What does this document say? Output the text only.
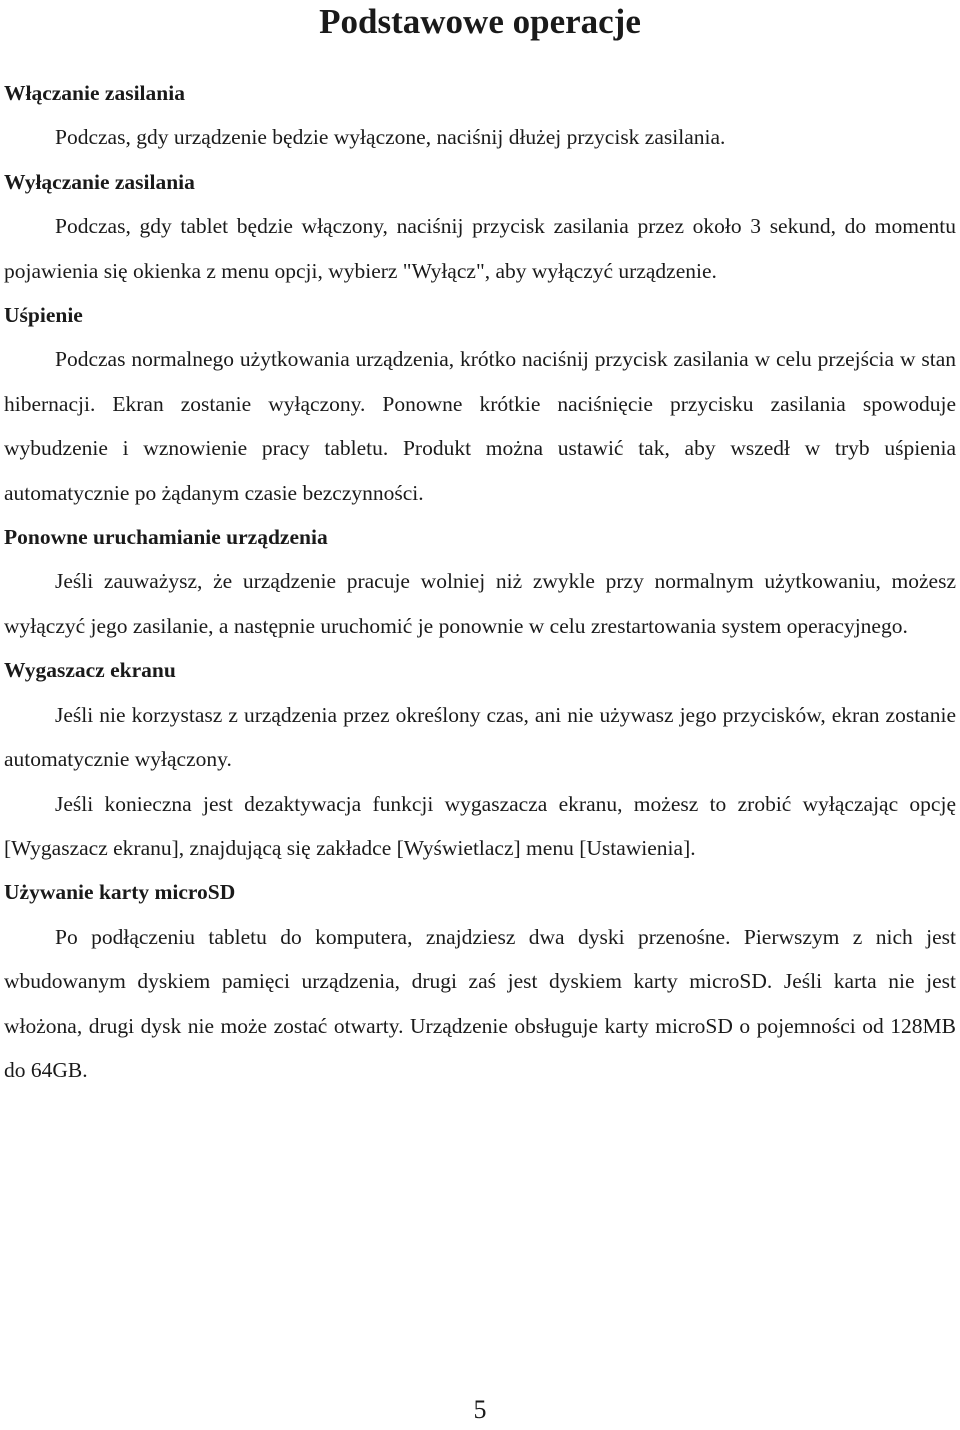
Podstawowe operacje
Włączanie zasilania

Podczas, gdy urządzenie będzie wyłączone, naciśnij dłużej przycisk zasilania.

Wyłączanie zasilania

Podczas, gdy tablet będzie włączony, naciśnij przycisk zasilania przez około 3 sekund, do momentu pojawienia się okienka z menu opcji, wybierz "Wyłącz", aby wyłączyć urządzenie.

Uśpienie

Podczas normalnego użytkowania urządzenia, krótko naciśnij przycisk zasilania w celu przejścia w stan hibernacji. Ekran zostanie wyłączony. Ponowne krótkie naciśnięcie przycisku zasilania spowoduje wybudzenie i wznowienie pracy tabletu. Produkt można ustawić tak, aby wszedł w tryb uśpienia automatycznie po żądanym czasie bezczynności.

Ponowne uruchamianie urządzenia

Jeśli zauważysz, że urządzenie pracuje wolniej niż zwykle przy normalnym użytkowaniu, możesz wyłączyć jego zasilanie, a następnie uruchomić je ponownie w celu zrestartowania system operacyjnego.

Wygaszacz ekranu

Jeśli nie korzystasz z urządzenia przez określony czas, ani nie używasz jego przycisków, ekran zostanie automatycznie wyłączony.

Jeśli konieczna jest dezaktywacja funkcji wygaszacza ekranu, możesz to zrobić wyłączając opcję [Wygaszacz ekranu], znajdującą się zakładce [Wyświetlacz] menu [Ustawienia].

Używanie karty microSD

Po podłączeniu tabletu do komputera, znajdziesz dwa dyski przenośne. Pierwszym z nich jest wbudowanym dyskiem pamięci urządzenia, drugi zaś jest dyskiem karty microSD. Jeśli karta nie jest włożona, drugi dysk nie może zostać otwarty. Urządzenie obsługuje karty microSD o pojemności od 128MB do 64GB.

5
